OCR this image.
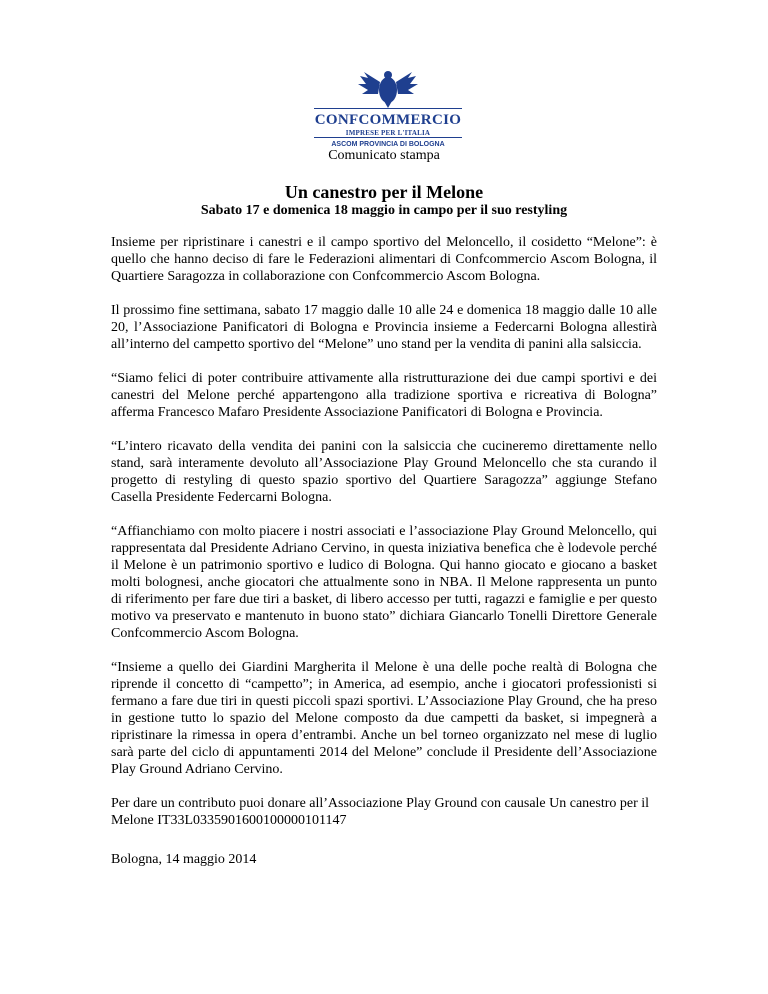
CONFCOMMERCIO
IMPRESE PER L'ITALIA
ASCOM PROVINCIA DI BOLOGNA
Comunicato stampa
Un canestro per il Melone
Sabato 17 e domenica 18 maggio in campo per il suo restyling

Insieme per ripristinare i canestri e il campo sportivo del Meloncello, il cosidetto “Melone”: è quello che hanno deciso di fare le Federazioni alimentari di Confcommercio Ascom Bologna, il Quartiere Saragozza in collaborazione con Confcommercio Ascom Bologna.

Il prossimo fine settimana, sabato 17 maggio dalle 10 alle 24 e domenica 18 maggio dalle 10 alle 20, l’Associazione Panificatori di Bologna e Provincia insieme a Federcarni Bologna allestirà all’interno del campetto sportivo del “Melone” uno stand per la vendita di panini alla salsiccia.

“Siamo felici di poter contribuire attivamente alla ristrutturazione dei due campi sportivi e dei canestri del Melone perché appartengono alla tradizione sportiva e ricreativa di Bologna” afferma Francesco Mafaro Presidente Associazione Panificatori di Bologna e Provincia.

“L’intero ricavato della vendita dei panini con la salsiccia che cucineremo direttamente nello stand, sarà interamente devoluto all’Associazione Play Ground Meloncello che sta curando il progetto di restyling di questo spazio sportivo del Quartiere Saragozza” aggiunge Stefano Casella Presidente Federcarni Bologna.

“Affianchiamo con molto piacere i nostri associati e l’associazione Play Ground Meloncello, qui rappresentata dal Presidente Adriano Cervino, in questa iniziativa benefica che è lodevole perché il Melone è un patrimonio sportivo e ludico di Bologna. Qui hanno giocato e giocano a basket molti bolognesi, anche giocatori che attualmente sono in NBA. Il Melone rappresenta un punto di riferimento per fare due tiri a basket, di libero accesso per tutti, ragazzi e famiglie e per questo motivo va preservato e mantenuto in buono stato” dichiara Giancarlo Tonelli Direttore Generale Confcommercio Ascom Bologna.

“Insieme a quello dei Giardini Margherita il Melone è una delle poche realtà di Bologna che riprende il concetto di “campetto”; in America, ad esempio, anche i giocatori professionisti si fermano a fare due tiri in questi piccoli spazi sportivi. L’Associazione Play Ground, che ha preso in gestione tutto lo spazio del Melone composto da due campetti da basket, si impegnerà a ripristinare la rimessa in opera d’entrambi. Anche un bel torneo organizzato nel mese di luglio sarà parte del ciclo di appuntamenti 2014 del Melone” conclude il Presidente dell’Associazione Play Ground Adriano Cervino.

Per dare un contributo puoi donare all’Associazione Play Ground con causale Un canestro per il Melone IT33L0335901600100000101147

Bologna, 14 maggio 2014
